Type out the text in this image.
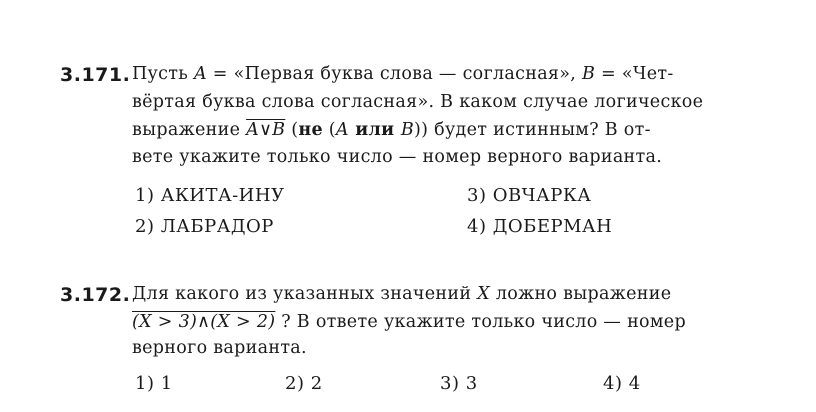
3.171. Пусть A = «Первая буква слова — согласная», B = «Чет-
вёртая буква слова согласная». В каком случае логическое
выражение A∨B (не (A или B)) будет истинным? В от-
вете укажите только число — номер верного варианта.
1) АКИТА-ИНУ
2) ЛАБРАДОР
3) ОВЧАРКА
4) ДОБЕРМАН
3.172. Для какого из указанных значений X ложно выражение
(X > 3)∧(X > 2) ? В ответе укажите только число — номер
верного варианта.
1) 1	2) 2	3) 3	4) 4
